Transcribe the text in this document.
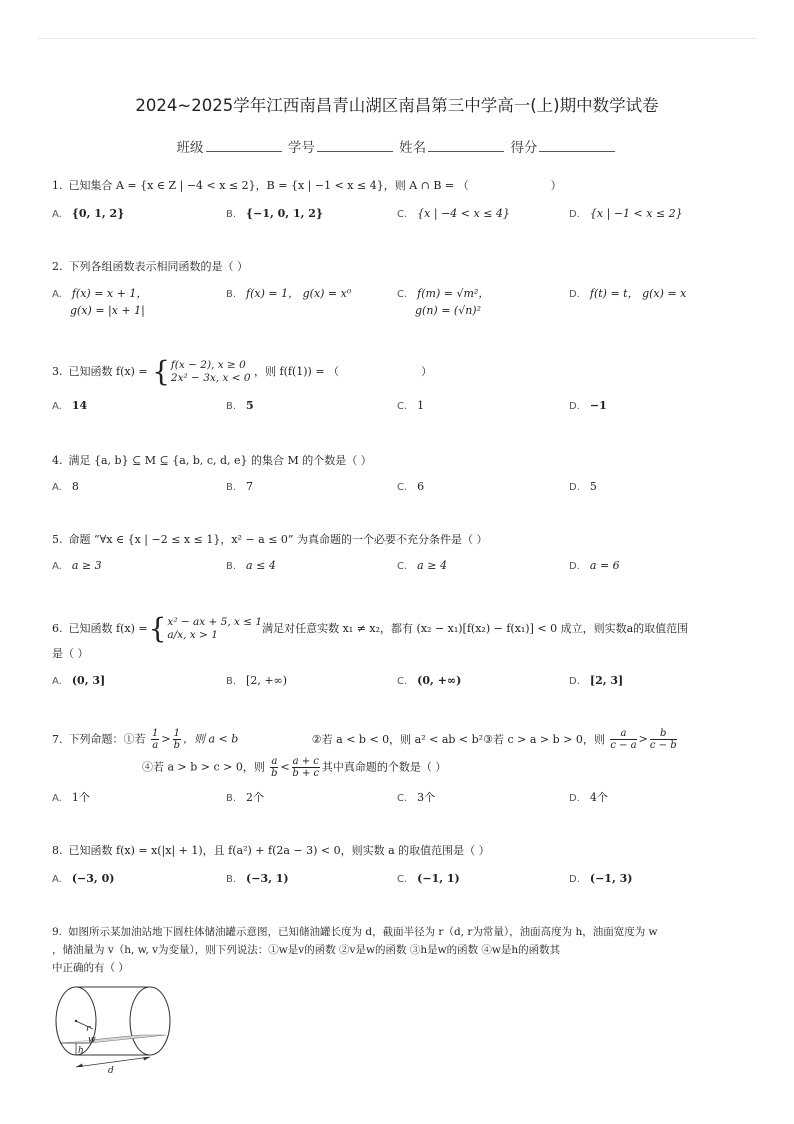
2024~2025学年江西南昌青山湖区南昌第三中学高一(上)期中数学试卷
班级	学号	姓名	得分
1. 已知集合 A = {x ∈ Z | −4 < x ≤ 2}，B = {x | −1 < x ≤ 4}，则 A ∩ B = （	）
A. {0, 1, 2}	B. {−1, 0, 1, 2}	C. {x | −4 < x ≤ 4}	D. {x | −1 < x ≤ 2}
2. 下列各组函数表示相同函数的是（ ）
A. f(x) = x + 1，
g(x) = |x + 1|
B. f(x) = 1， g(x) = x⁰	C. f(m) = √m²，
g(n) = (√n)²
D. f(t) = t， g(x) = x
3. 已知函数 f(x) = {f(x − 2), x ≥ 0
2x² − 3x, x < 0 ，则 f(f(1)) = （	）
A. 14	B. 5	C. 1	D. −1
4. 满足 {a, b} ⊆ M ⊆ {a, b, c, d, e} 的集合 M 的个数是（ ）
A. 8	B. 7	C. 6	D. 5
5. 命题 “∀x ∈ {x | −2 ≤ x ≤ 1}，x² − a ≤ 0” 为真命题的一个必要不充分条件是（ ）
A. a ≥ 3	B. a ≤ 4	C. a ≥ 4	D. a = 6
6. 已知函数 f(x) ={x² − ax + 5, x ≤ 1
a/x, x > 1	满足对任意实数 x₁ ≠ x₂，都有 (x₂ − x₁)[f(x₂) − f(x₁)] < 0 成立，则实数a的取值范围
是（ ）
A. (0, 3]	B. [2, +∞)	C. (0, +∞)	D. [2, 3]
7. 下列命题：①若 $\frac{1}{a} > \frac{1}{b}$ ，则 a < b	②若 a < b < 0，则 a² < ab < b²③若 c > a > b > 0，则 $\frac{a}{c - a} > \frac{b}{c - b}$
④若 a > b > c > 0，则 $\frac{a}{b} < \frac{a + c}{b + c}$ 其中真命题的个数是（ ）
A. 1个	B. 2个	C. 3个	D. 4个
8. 已知函数 f(x) = x(|x| + 1)，且 f(a²) + f(2a − 3) < 0，则实数 a 的取值范围是（ ）
A. (−3, 0)	B. (−3, 1)	C. (−1, 1)	D. (−1, 3)
9. 如图所示某加油站地下圆柱体储油罐示意图，已知储油罐长度为 d，截面半径为 r（d, r为常量），油面高度为 h，油面宽度为 w
，储油量为 v（h, w, v为变量），则下列说法：①w是v的函数 ②v是w的函数 ③h是w的函数 ④w是h的函数其
中正确的有（ ）
r
w
h
d
